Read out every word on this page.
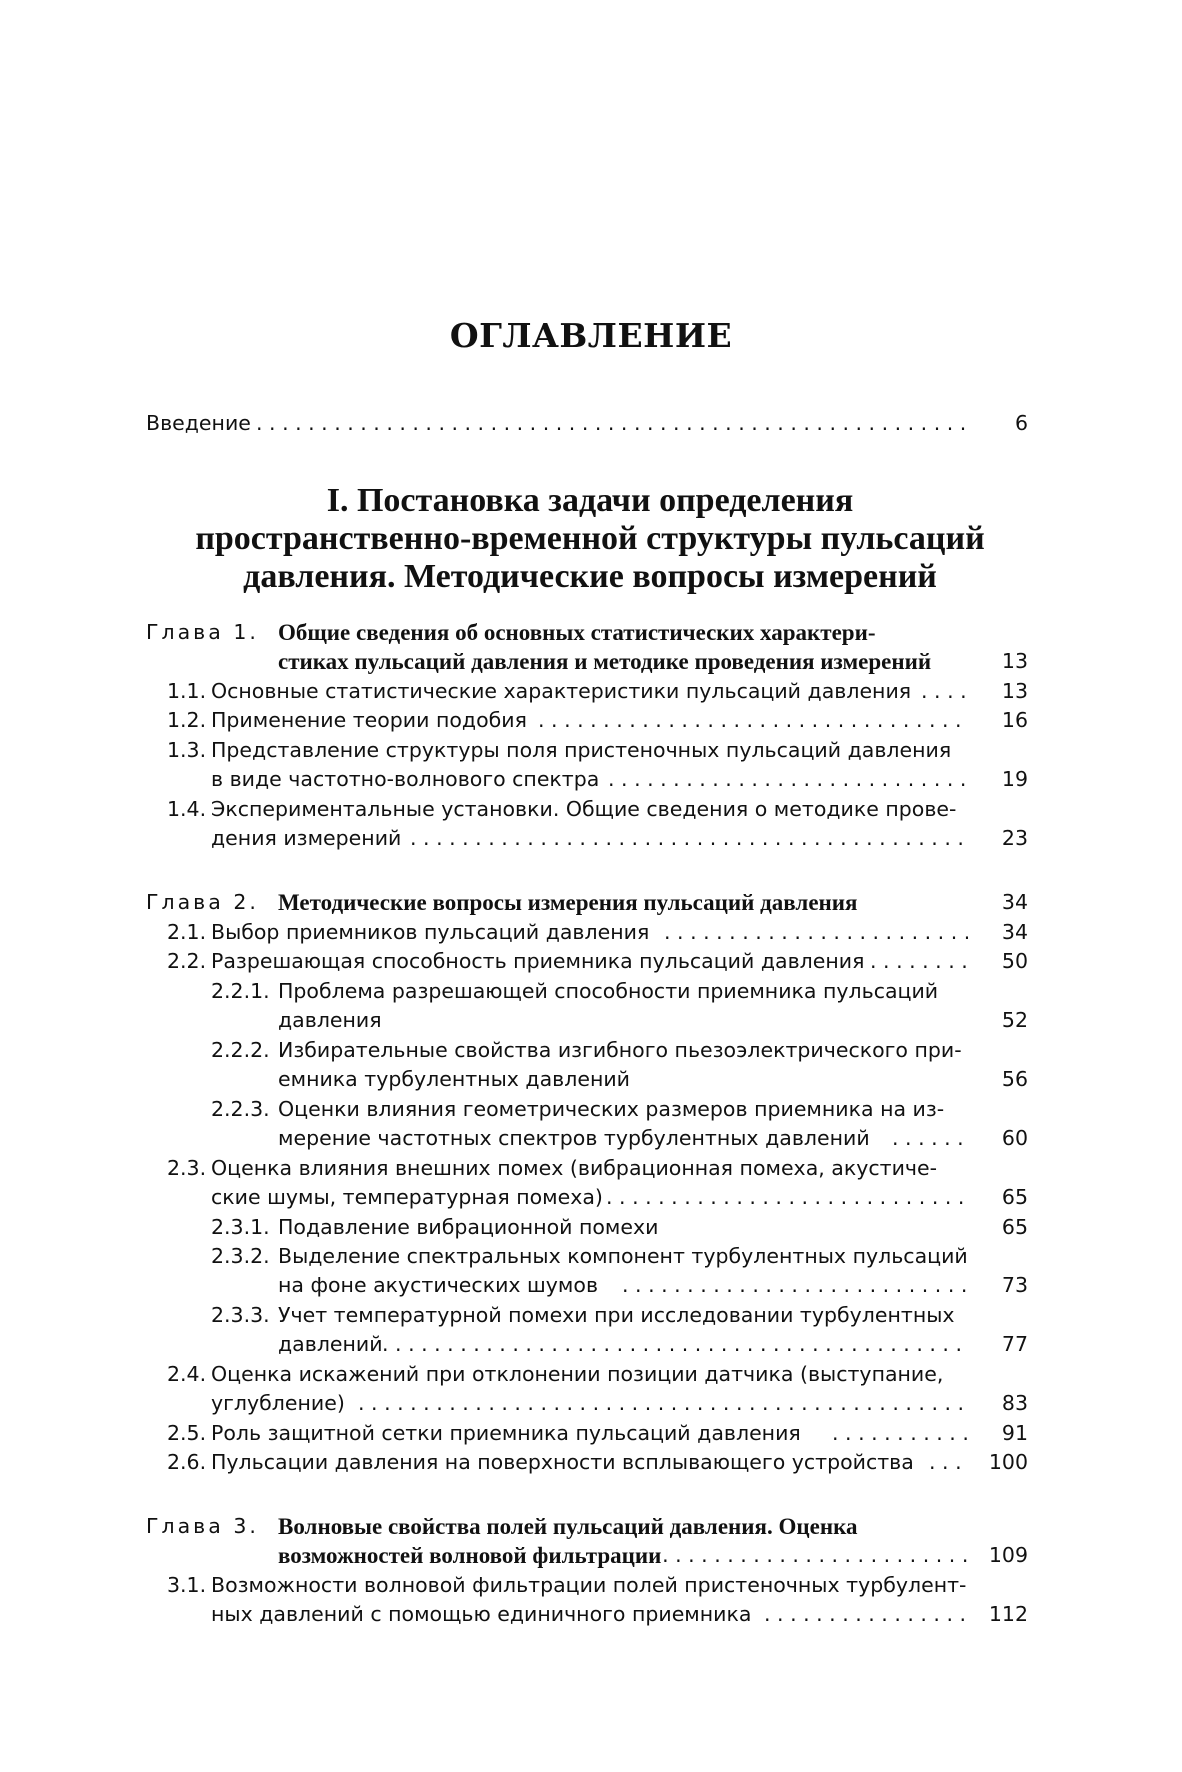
ОГЛАВЛЕНИЕ
Введение . . .	6
I. Постановка задачи определения
пространственно-временной структуры пульсаций
давления. Методические вопросы измерений
Глава 1. Общие сведения об основных статистических характери-
стиках пульсаций давления и методике проведения измерений	13
1.1. Основные статистические характеристики пульсаций давления . . .	13
1.2. Применение теории подобия . . .	16
1.3. Представление структуры поля пристеночных пульсаций давления
в виде частотно-волнового спектра . . .	19
1.4. Экспериментальные установки. Общие сведения о методике прове-
дения измерений . . .	23
Глава 2. Методические вопросы измерения пульсаций давления	34
2.1. Выбор приемников пульсаций давления . . .	34
2.2. Разрешающая способность приемника пульсаций давления . . .	50
2.2.1. Проблема разрешающей способности приемника пульсаций
давления	52
2.2.2. Избирательные свойства изгибного пьезоэлектрического при-
емника турбулентных давлений	56
2.2.3. Оценки влияния геометрических размеров приемника на из-
мерение частотных спектров турбулентных давлений . . .	60
2.3. Оценка влияния внешних помех (вибрационная помеха, акустиче-
ские шумы, температурная помеха) . . .	65
2.3.1. Подавление вибрационной помехи	65
2.3.2. Выделение спектральных компонент турбулентных пульсаций
на фоне акустических шумов . . .	73
2.3.3. Учет температурной помехи при исследовании турбулентных
давлений . . .	77
2.4. Оценка искажений при отклонении позиции датчика (выступание,
углубление) . . .	83
2.5. Роль защитной сетки приемника пульсаций давления . . .	91
2.6. Пульсации давления на поверхности всплывающего устройства . . .	100
Глава 3. Волновые свойства полей пульсаций давления. Оценка
возможностей волновой фильтрации . . .	109
3.1. Возможности волновой фильтрации полей пристеночных турбулент-
ных давлений с помощью единичного приемника . . .	112
